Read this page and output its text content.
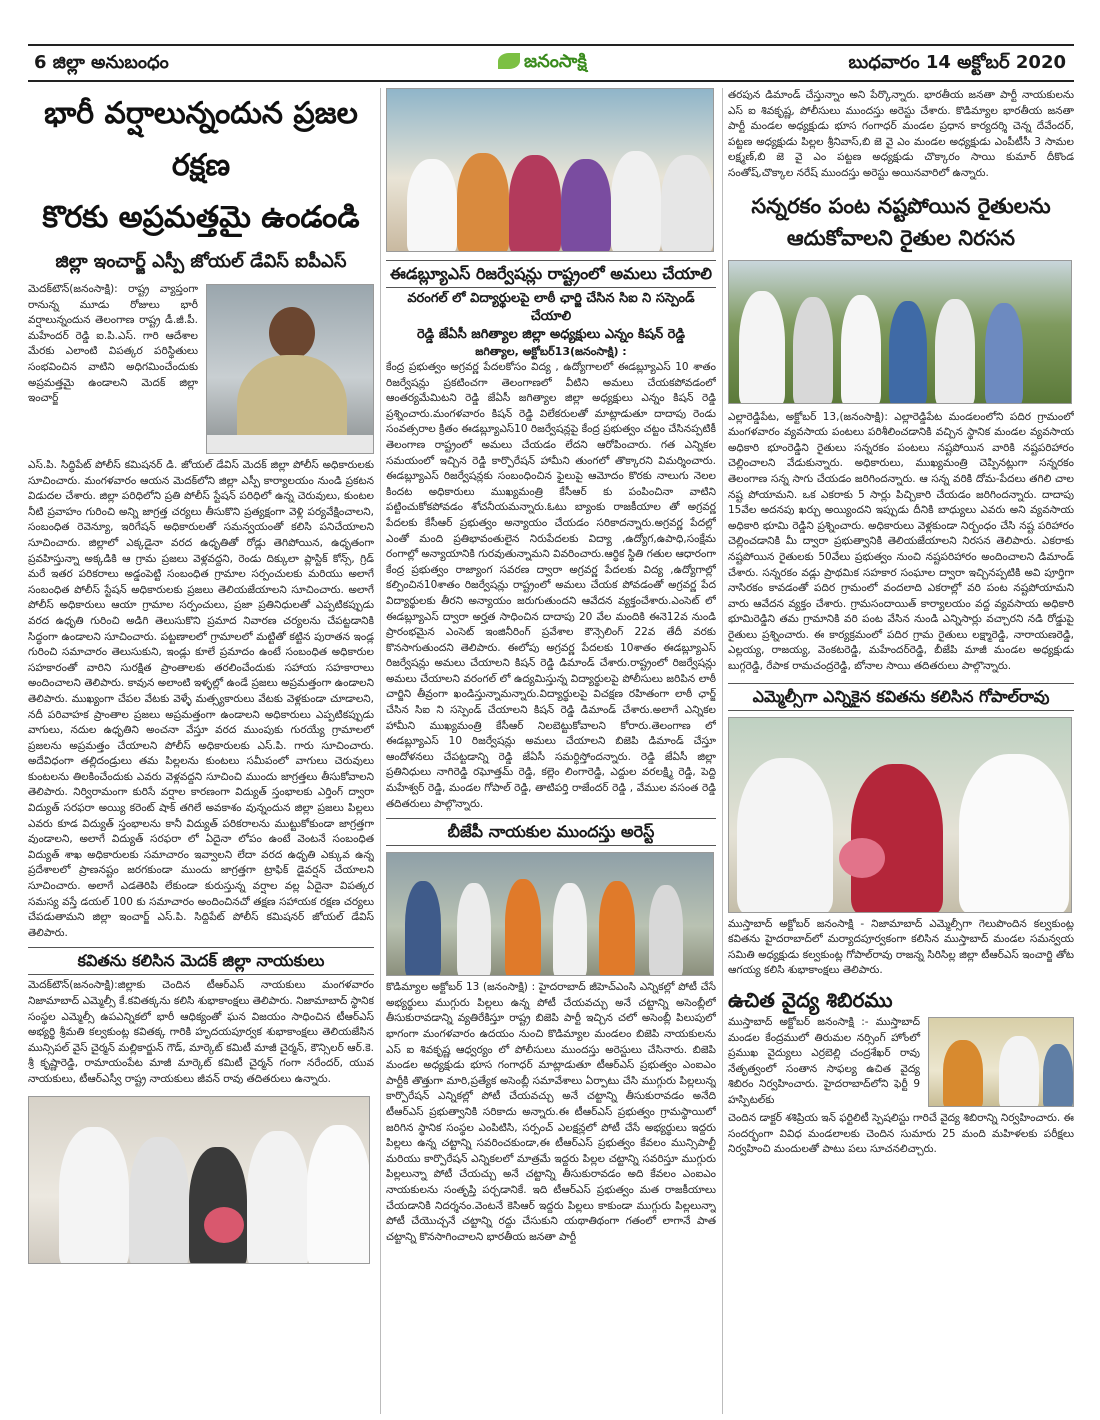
6 జిల్లా అనుబంధం	జనంసాక్షి	బుధవారం 14 అక్టోబర్ 2020
భారీ వర్షాలున్నందున ప్రజల రక్షణ
కొరకు అప్రమత్తమై ఉండండి
జిల్లా ఇంచార్జ్ ఎస్పీ జోయల్ డేవిస్ ఐపీఎస్

మెదక్‌టౌన్(జనంసాక్షి): రాష్ట్ర వ్యాప్తంగా రానున్న మూడు రోజులు భారీ వర్షాలున్నందున తెలంగాణ రాష్ట్ర డీ.జీ.పీ. మహేందర్ రెడ్డి ఐ.పి.ఎస్. గారి ఆదేశాల మేరకు ఎలాంటి విపత్కర పరిస్థితులు సంభవించిన వాటిని అధిగమించేందుకు అప్రమత్తమై ఉండాలని మెదక్ జిల్లా ఇంచార్జ్

ఎస్.పి. సిద్ధిపేట్ పోలీస్ కమిషనర్ డి. జోయల్ డేవిస్ మెదక్ జిల్లా పోలీస్ అధికారులకు సూచించారు. మంగళవారం ఆయన మెదక్‌లోని జిల్లా ఎస్పీ కార్యాలయం నుండి ప్రకటన విడుదల చేశారు. జిల్లా పరిధిలోని ప్రతి పోలీస్ స్టేషన్ పరిధిలో ఉన్న చెరువులు, కుంటల నీటి ప్రవాహం గురించి అన్ని జాగ్రత్త చర్యలు తీసుకొని ప్రత్యక్షంగా వెళ్లి పర్యవేక్షించాలని, సంబంధిత రెవెన్యూ, ఇరిగేషన్ అధికారులతో సమన్వయంతో కలిసి పనిచేయాలని సూచించారు. జిల్లాలో ఎక్కడైనా వరద ఉధృతితో రోడ్లు తెగిపోయిన, ఉధృతంగా ప్రవహిస్తున్నా అక్కడికి ఆ గ్రామ ప్రజలు వెళ్లవద్దని, రెండు దిక్కులా ప్లాస్టిక్ కోన్స్, గ్రిడ్ మరే ఇతర పరికరాలు అడ్డంపెట్టి సంబంధిత గ్రామాల సర్పంచులకు మరియు అలాగే సంబంధిత పోలీస్ స్టేషన్ అధికారులకు ప్రజలు తెలియజేయాలని సూచించారు. అలాగే పోలీస్ అధికారులు ఆయా గ్రామాల సర్పంచులు, ప్రజా ప్రతినిధులతో ఎప్పటికప్పుడు వరద ఉధృతి గురించి అడిగి తెలుసుకొని ప్రమాద నివారణ చర్యలను చేపట్టడానికి సిద్ధంగా ఉండాలని సూచించారు. పట్టణాలలో గ్రామాలలో మట్టితో కట్టిన పురాతన ఇండ్ల గురించి సమాచారం తెలుసుకుని, ఇండ్లు కూలే ప్రమాదం ఉంటే సంబంధిత అధికారుల సహకారంతో వారిని సురక్షిత ప్రాంతాలకు తరలించేందుకు సహాయ సహకారాలు అందించాలని తెలిపారు. కావున అలాంటి ఇళ్ళల్లో ఉండే ప్రజలు అప్రమత్తంగా ఉండాలని తెలిపారు. ముఖ్యంగా చేపల వేటకు వెళ్ళే మత్స్యకారులు వేటకు వెళ్లకుండా చూడాలని, నదీ పరివాహక ప్రాంతాల ప్రజలు అప్రమత్తంగా ఉండాలని అధికారులు ఎప్పటికప్పుడు వాగులు, నదుల ఉధృతిని అంచనా వేస్తూ వరద ముంపుకు గురయ్యే గ్రామాలలో ప్రజలను అప్రమత్తం చేయాలని పోలీస్ అధికారులకు ఎస్.పి. గారు సూచించారు. అదేవిధంగా తల్లిదండ్రులు తమ పిల్లలను కుంటలు సమీపంలో వాగులు చెరువులు కుంటలను తిలకించేందుకు ఎవరు వెళ్లవద్దని సూచించి ముందు జాగ్రత్తలు తీసుకోవాలని తెలిపారు. నిర్విరామంగా కురిసే వర్షాల కారణంగా విద్యుత్ స్తంభాలకు ఎర్తింగ్ ద్వారా విద్యుత్ సరఫరా అయ్యి కరెంట్ షాక్ తగిలే అవకాశం వున్నందున జిల్లా ప్రజలు పిల్లలు ఎవరు కూడ విద్యుత్ స్తంభాలను కానీ విద్యుత్ పరికరాలను ముట్టుకోకుండా జాగ్రత్తగా వుండాలని, అలాగే విద్యుత్ సరఫరా లో ఏదైనా లోపం ఉంటే వెంటనే సంబంధిత విద్యుత్ శాఖ అధికారులకు సమాచారం ఇవ్వాలని లేదా వరద ఉధృతి ఎక్కువ ఉన్న ప్రదేశాలలో ప్రాణనష్టం జరగకుండా ముందు జాగ్రత్తగా ట్రాఫిక్ డైవర్షన్ చేయాలని సూచించారు. అలాగే ఎడతెరిపి లేకుండా కురుస్తున్న వర్షాల వల్ల ఏదైనా విపత్కర సమస్య వస్తే డయల్ 100 కు సమాచారం అందించినచో తక్షణ సహాయక రక్షణ చర్యలు చేపడుతామని జిల్లా ఇంచార్జ్ ఎస్.పి. సిద్దిపేట్ పోలీస్ కమిషనర్ జోయల్ డేవిస్ తెలిపారు.

కవితను కలిసిన మెదక్ జిల్లా నాయకులు

మెదక్‌టౌన్(జనంసాక్షి):జిల్లాకు చెందిన టీఆర్ఎస్ నాయకులు మంగళవారం నిజామాబాద్ ఎమ్మెల్సీ కే.కవితక్కను కలిసి శుభాకాంక్షలు తెలిపారు. నిజామాబాద్ స్థానిక సంస్థల ఎమ్మెల్సీ ఉపఎన్నికలో భారీ ఆధిక్యంతో ఘన విజయం సాధించిన టీఆర్ఎస్ అభ్యర్థి శ్రీమతి కల్వకుంట్ల కవితక్క గారికి హృదయపూర్వక శుభాకాంక్షలు తెలియజేసిన మున్సిపల్ వైస్ చైర్మన్ మల్లికార్జున్ గౌడ్, మార్కెట్ కమిటీ మాజీ చైర్మన్, కౌన్సిలర్ ఆర్.కె. శ్రీ కృష్ణారెడ్డి, రామాయంపేట మాజీ మార్కెట్ కమిటీ చైర్మన్ గంగా నరేందర్, యువ నాయకులు, టీఆర్ఎస్వీ రాష్ట్ర నాయకులు జీవన్ రావు తదితరులు ఉన్నారు.

ఈడబ్ల్యూఎస్ రిజర్వేషన్లు రాష్ట్రంలో అమలు చేయాలి
వరంగల్ లో విద్యార్థులపై లాఠీ ఛార్జి చేసిన సిఐ ని సస్పెండ్ చేయాలి
రెడ్డి జేఏసీ జగిత్యాల జిల్లా అధ్యక్షులు ఎన్నం కిషన్ రెడ్డి
జగిత్యాల, అక్టోబర్13(జనంసాక్షి) :

కేంద్ర ప్రభుత్వం అగ్రవర్ణ పేదలకోసం విద్య , ఉద్యోగాలలో ఈడబ్ల్యూఎస్ 10 శాతం రిజర్వేషన్లు ప్రకటించగా తెలంగాణలో వీటిని అమలు చేయకపోవడంలో ఆంతర్యమేమిటని రెడ్డి జేఏసీ జగిత్యాల జిల్లా అధ్యక్షులు ఎన్నం కిషన్ రెడ్డి ప్రశ్నించారు.మంగళవారం కిషన్ రెడ్డి విలేకరులతో మాట్లాడుతూ దాదాపు రెండు సంవత్సరాల క్రితం ఈడబ్ల్యూఎస్10 రిజర్వేషన్లపై కేంద్ర ప్రభుత్వం చట్టం చేసినప్పటికీ తెలంగాణ రాష్ట్రంలో అమలు చేయడం లేదని ఆరోపించారు. గత ఎన్నికల సమయంలో ఇచ్చిన రెడ్డి కార్పొరేషన్ హామీని తుంగలో తొక్కారని విమర్శించారు. ఈడబ్ల్యూఎస్ రిజర్వేషన్లకు సంబంధించిన ఫైలుపై ఆమోదం కొరకు నాలుగు నెలల కిందట అధికారులు ముఖ్యమంత్రి కేసీఆర్ కు పంపించినా వాటిని పట్టించుకోకపోవడం శోచనీయమన్నారు.ఓటు బ్యాంకు రాజకీయాల తో అగ్రవర్ణ పేదలకు కేసీఆర్ ప్రభుత్వం అన్యాయం చేయడం సరికాదన్నారు.అగ్రవర్ణ పేదల్లో ఎంతో మంది ప్రతిభావంతులైన నిరుపేదలకు విద్యా ,ఉద్యోగ,ఉపాధి,సంక్షేమ రంగాల్లో అన్యాయానికి గురవుతున్నామని వివరించారు.ఆర్థిక స్థితి గతుల ఆధారంగా కేంద్ర ప్రభుత్వం రాజ్యాంగ సవరణ ద్వారా అగ్రవర్ణ పేదలకు విద్య ,ఉద్యోగాల్లో కల్పించిన10శాతం రిజర్వేషన్లు రాష్ట్రంలో అమలు చేయక పోవడంతో అగ్రవర్ణ పేద విద్యార్థులకు తీరని అన్యాయం జరుగుతుందని ఆవేదన వ్యక్తంచేశారు.ఎంసెట్ లో ఈడబ్ల్యూఎస్ ద్వారా అర్హత సాధించిన దాదాపు 20 వేల మందికి ఈనె12వ నుండి ప్రారంభమైన ఎంసెట్ ఇంజినీరింగ్ ప్రవేశాల కౌన్సెలింగ్ 22వ తేదీ వరకు కొనసాగుతుందని తెలిపారు. ఈలోపు అగ్రవర్ణ పేదలకు 10శాతం ఈడబ్ల్యూఎస్ రిజర్వేషన్లు అమలు చేయాలని కిషన్ రెడ్డి డిమాండ్ చేశారు.రాష్ట్రంలో రిజర్వేషన్లు అమలు చేయాలని వరంగల్ లో ఉద్యమిస్తున్న విద్యార్థులపై పోలీసులు జరిపిన లాఠీ చార్జిని తీవ్రంగా ఖండిస్తున్నామన్నారు.విద్యార్థులపై విచక్షణ రహితంగా లాఠీ ఛార్జ్ చేసిన సిఐ ని సస్పెండ్ చేయాలని కిషన్ రెడ్డి డిమాండ్ చేశారు.అలాగే ఎన్నికల హామీని ముఖ్యమంత్రి కేసీఆర్ నిలబెట్టుకోవాలని కోరారు.తెలంగాణ లో ఈడబ్ల్యూఎస్ 10 రిజర్వేషన్లు అమలు చేయాలని బిజెపి డిమాండ్ చేస్తూ ఆందోళనలు చేపట్టడాన్ని రెడ్డి జేఏసీ సమర్ధిస్తోందన్నారు. రెడ్డి జేఏసీ జిల్లా ప్రతినిధులు నాగిరెడ్డి రఘోత్తమ్ రెడ్డి, కల్లెం లింగారెడ్డి, ఎద్దుల వరలక్ష్మి రెడ్డి, పెద్ది మహేశ్వర్ రెడ్డి, మండల గోపాల్ రెడ్డి, తాటిపర్తి రాజేందర్ రెడ్డి , వేముల వసంత రెడ్డి తదితరులు పాల్గొన్నారు.

బీజేపీ నాయకుల ముందస్తు అరెస్ట్

కొడిమ్యాల అక్టోబర్ 13 (జనంసాక్షి) : హైదరాబాద్ జీహెచ్ఎంసి ఎన్నికల్లో పోటీ చేసే అభ్యర్థులు ముగ్గురు పిల్లలు ఉన్న పోటీ చేయవచ్చు అనే చట్టాన్ని అసెంబ్లీలో తీసుకురావడాన్ని వ్యతిరేకిస్తూ రాష్ట్ర బిజెపి పార్టీ ఇచ్చిన చలో అసెంబ్లీ పిలుపులో భాగంగా మంగళవారం ఉదయం నుంచి కొడిమ్యాల మండలం బిజెపి నాయకులను ఎస్ ఐ శివకృష్ణ ఆధ్వర్యం లో పోలీసులు ముందస్తు అరెస్టులు చేసినారు. బిజెపి మండల అధ్యక్షుడు భూస గంగాధర్ మాట్లాడుతూ టీఆర్ఎస్ ప్రభుత్వం ఎంఐఎం పార్టీకి తొత్తుగా మారి,ప్రత్యేక అసెంబ్లీ సమావేశాలు ఏర్పాటు చేసి ముగ్గురు పిల్లలున్న కార్పొరేషన్ ఎన్నికల్లో పోటీ చేయవచ్చు అనే చట్టాన్ని తీసుకురావడం అనేది టీఆర్ఎస్ ప్రభుత్వానికి సరికాదు అన్నారు.ఈ టీఆర్ఎస్ ప్రభుత్వం గ్రామస్థాయిలో జరిగిన స్థానిక సంస్థల ఎంపిటిసి, సర్పంచ్ ఎలక్షన్లలో పోటీ చేసే అభ్యర్థులు ఇద్దరు పిల్లలు ఉన్న చట్టాన్ని సవరించకుండా,ఈ టీఆర్ఎస్ ప్రభుత్వం కేవలం మున్సిపాల్టీ మరియు కార్పొరేషన్ ఎన్నికలలో మాత్రమే ఇద్దరు పిల్లల చట్టాన్ని సవరిస్తూ ముగ్గురు పిల్లలున్నా పోటీ చేయచ్చు అనే చట్టాన్ని తీసుకురావడం అది కేవలం ఎంఐఎం నాయకులను సంతృప్తి పర్చడానికే. ఇది టీఆర్ఎస్ ప్రభుత్వం మత రాజకీయాలు చేయడానికి నిదర్శనం.వెంటనే కెసిఆర్ ఇద్దరు పిల్లలు కాకుండా ముగ్గురు పిల్లలున్నా పోటీ చేయొచ్చనే చట్టాన్ని రద్దు చేసుకుని యథాతిథంగా గతంలో లాగానే పాత చట్టాన్ని కొనసాగించాలని భారతీయ జనతా పార్టీ

తరపున డిమాండ్ చేస్తున్నాం అని పేర్కొన్నారు. భారతీయ జనతా పార్టీ నాయకులను ఎస్ ఐ శివకృష్ణ, పోలీసులు ముందస్తు అరెస్టు చేశారు. కొడిమ్యాల భారతీయ జనతా పార్టీ మండల అధ్యక్షుడు భూస గంగాధర్ మండల ప్రధాన కార్యదర్శి చెన్న దేవేందర్, పట్టణ అధ్యక్షుడు పిల్లల శ్రీనివాస్,బి జె వై ఎం మండల అధ్యక్షుడు ఎంపీటీసీ 3 సామల లక్ష్మణ్,బి జె వై ఎం పట్టణ అధ్యక్షుడు చొక్కారం సాయి కుమార్ దీకొండ సంతోష్,చొక్కాల నరేష్ ముందస్తు అరెస్టు అయినవారిలో ఉన్నారు.

సన్నరకం పంట నష్టపోయిన రైతులను
ఆదుకోవాలని రైతుల నిరసన

ఎల్లారెడ్డిపేట, అక్టోబర్ 13,(జనంసాక్షి): ఎల్లారెడ్డిపేట మండలంలోని పదిర గ్రామంలో మంగళవారం వ్యవసాయ పంటలు పరిశీలించడానికి వచ్చిన స్థానిక మండల వ్యవసాయ అధికారి భూంరెడ్డిని రైతులు సన్నరకం పంటలు నష్టపోయిన వారికి నష్టపరిహారం చెల్లించాలని వేడుకున్నారు. అధికారులు, ముఖ్యమంత్రి చెప్పినట్లుగా సన్నరకం తెలంగాణ సన్న సాగు చేయడం జరిగిందన్నారు. ఆ సన్న వరికి దోమ-పేదలు తగిలి చాల నష్ట పోయామని. ఒక ఎకరాకు 5 సార్లు పిచ్చికారి చేయడం జరిగిందన్నారు. దాదాపు 15వేల అదనపు ఖర్చు అయ్యిందని ఇప్పుడు దీనికి బాధ్యులు ఎవరు అని వ్యవసాయ అధికారి భూమి రెడ్డిని ప్రశ్నించారు. అధికారులు వెళ్లకుండా నిర్బంధం చేసి నష్ట పరిహారం చెల్లించడానికి మీ ద్వారా ప్రభుత్వానికి తెలియజేయాలని నిరసన తెలిపారు. ఎకరాకు నష్టపోయిన రైతులకు 50వేలు ప్రభుత్వం నుంచి నష్టపరిహారం అందించాలని డిమాండ్ చేశారు. సన్నరకం వడ్లు ప్రాథమిక సహకార సంఘాల ద్వారా ఇచ్చినప్పటికి అవి పూర్తిగా నాసిరకం కావడంతో పదిర గ్రామంలో వందలాది ఎకరాల్లో వరి పంట నష్టపోయామని వారు ఆవేదన వ్యక్తం చేశారు. గ్రామసందాయిత్ కార్యాలయం వద్ద వ్యవసాయ అధికారి భూమిరెడ్డిని తమ గ్రామానికి వరి పంట వేసిన నుండి ఎన్నిసార్లు వచ్చారని నడి రోడ్డుపై రైతులు ప్రశ్నించారు. ఈ కార్యక్రమంలో పదిర గ్రామ రైతులు లక్ష్మారెడ్డి, నారాయణరెడ్డి, ఎల్లయ్య, రాజయ్య, వెంకటరెడ్డి, మహేందర్‌రెడ్డి, బీజేపి మాజీ మండల అధ్యక్షుడు బుగ్గరెడ్డి, రేపాక రామచంద్రరెడ్డి, బోనాల సాయి తదితరులు పాల్గొన్నారు.

ఎమ్మెల్సీగా ఎన్నికైన కవితను కలిసిన గోపాల్‌రావు

ముస్తాబాద్ అక్టోబర్ జనంసాక్షి - నిజామాబాద్ ఎమ్మెల్సీగా గెలుపొందిన కల్వకుంట్ల కవితను హైదరాబాద్‌లో మర్యాదపూర్వకంగా కలిసిన ముస్తాబాద్ మండల సమన్వయ సమితి అధ్యక్షుడు కల్వకుంట్ల గోపాల్‌రావు రాజన్న సిరిసిల్ల జిల్లా టీఆర్ఎస్ ఇంచార్జి తోట ఆగయ్య కలిసి శుభాకాంక్షలు తెలిపారు.

ఉచిత వైద్య శిబిరము

ముస్తాబాద్ అక్టోబర్ జనంసాక్షి :- ముస్తాబాద్ మండల కేంద్రములో తిరుమల నర్సింగ్ హోంలో ప్రముఖ వైద్యులు ఎర్రబెల్లి చంద్రశేఖర్ రావు నేతృత్వంలో సంతాన సాఫల్య ఉచిత వైద్య శిబిరం నిర్వహించారు. హైదరాబాద్‌లోని ఫెర్టీ 9 హస్పిటల్‌కు

చెందిన డాక్టర్ శశిప్రియ ఇన్ ఫర్టిలిటీ స్పెషలిస్టు గారిచే వైద్య శిబిరాన్ని నిర్వహించారు. ఈ సందర్భంగా వివిధ మండలాలకు చెందిన సుమారు 25 మంది మహిళలకు పరీక్షలు నిర్వహించి మందులతో పాటు పలు సూచనలిచ్చారు.
